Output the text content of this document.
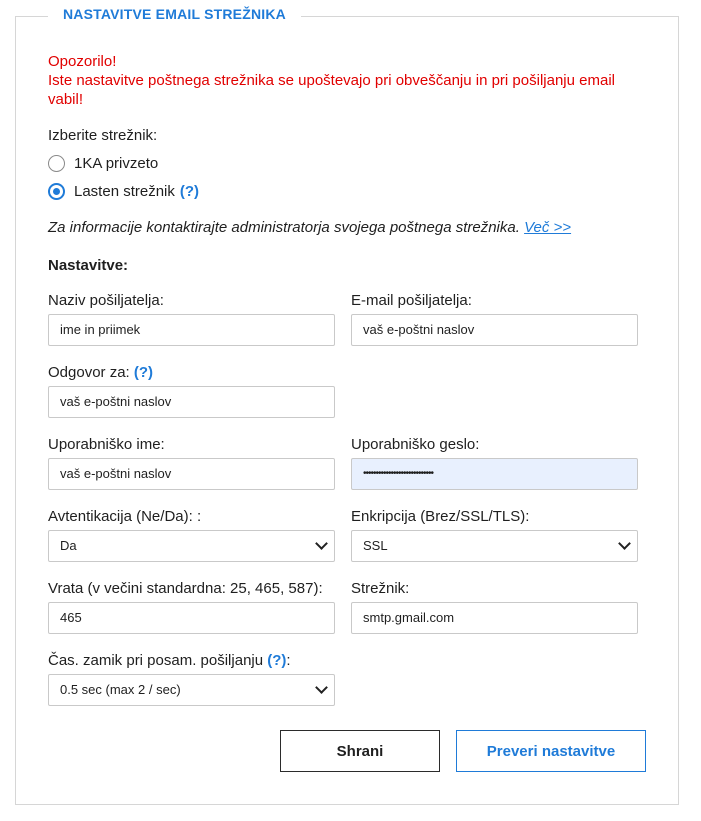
NASTAVITVE EMAIL STREŽNIKA
Opozorilo!
Iste nastavitve poštnega strežnika se upoštevajo pri obveščanju in pri pošiljanju email vabil!
Izberite strežnik:
1KA privzeto
Lasten strežnik (?)
Za informacije kontaktirajte administratorja svojega poštnega strežnika. Več >>
Nastavitve:
Naziv pošiljatelja:
ime in priimek
E-mail pošiljatelja:
vaš e-poštni naslov
Odgovor za: (?)
vaš e-poštni naslov
Uporabniško ime:
vaš e-poštni naslov
Uporabniško geslo:
••••••••••••••••••••••••••••
Avtentikacija (Ne/Da): :
Da
Enkripcija (Brez/SSL/TLS):
SSL
Vrata (v večini standardna: 25, 465, 587):
465
Strežnik:
smtp.gmail.com
Čas. zamik pri posam. pošiljanju (?):
0.5 sec (max 2 / sec)
Shrani	Preveri nastavitve
